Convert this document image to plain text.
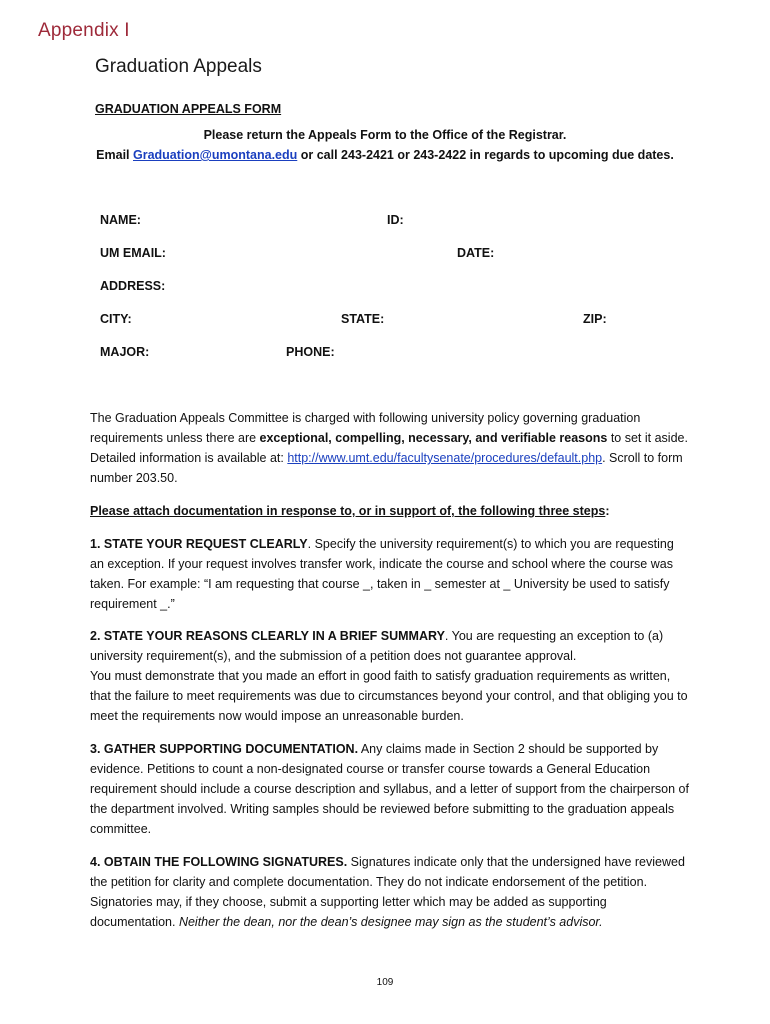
Appendix I
Graduation Appeals
GRADUATION APPEALS FORM
Please return the Appeals Form to the Office of the Registrar.
Email Graduation@umontana.edu or call 243-2421 or 243-2422 in regards to upcoming due dates.
NAME:	ID:
UM EMAIL:	DATE:
ADDRESS:
CITY:	STATE:	ZIP:
MAJOR:	PHONE:
The Graduation Appeals Committee is charged with following university policy governing graduation requirements unless there are exceptional, compelling, necessary, and verifiable reasons to set it aside. Detailed information is available at: http://www.umt.edu/facultysenate/procedures/default.php. Scroll to form number 203.50.
Please attach documentation in response to, or in support of, the following three steps:
1. STATE YOUR REQUEST CLEARLY. Specify the university requirement(s) to which you are requesting an exception. If your request involves transfer work, indicate the course and school where the course was taken. For example: “I am requesting that course _, taken in _ semester at _ University be used to satisfy requirement _.”
2. STATE YOUR REASONS CLEARLY IN A BRIEF SUMMARY. You are requesting an exception to (a) university requirement(s), and the submission of a petition does not guarantee approval.
You must demonstrate that you made an effort in good faith to satisfy graduation requirements as written, that the failure to meet requirements was due to circumstances beyond your control, and that obliging you to meet the requirements now would impose an unreasonable burden.
3. GATHER SUPPORTING DOCUMENTATION. Any claims made in Section 2 should be supported by evidence. Petitions to count a non-designated course or transfer course towards a General Education requirement should include a course description and syllabus, and a letter of support from the chairperson of the department involved. Writing samples should be reviewed before submitting to the graduation appeals committee.
4. OBTAIN THE FOLLOWING SIGNATURES. Signatures indicate only that the undersigned have reviewed the petition for clarity and complete documentation. They do not indicate endorsement of the petition. Signatories may, if they choose, submit a supporting letter which may be added as supporting documentation. Neither the dean, nor the dean’s designee may sign as the student’s advisor.
109
